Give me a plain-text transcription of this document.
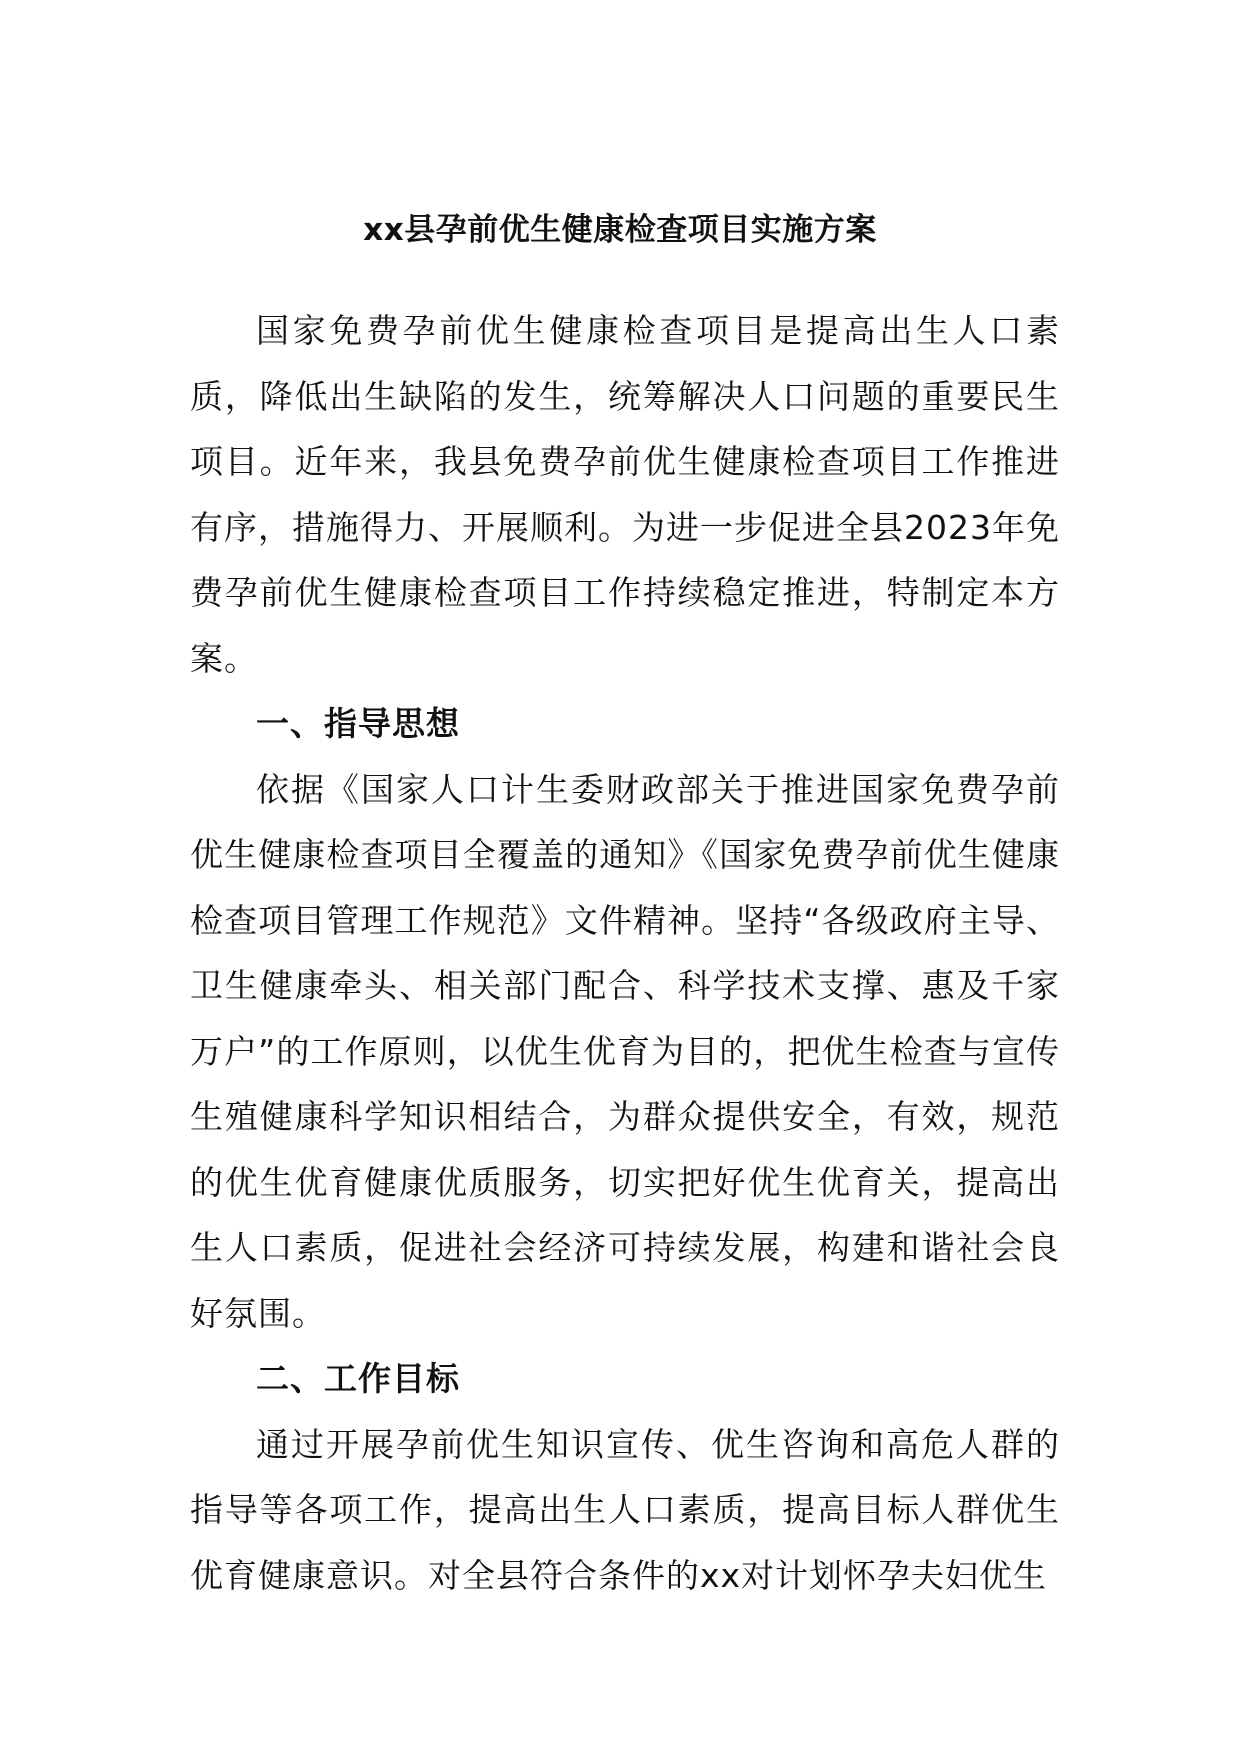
xx县孕前优生健康检查项目实施方案

国家免费孕前优生健康检查项目是提高出生人口素质，降低出生缺陷的发生，统筹解决人口问题的重要民生项目。近年来，我县免费孕前优生健康检查项目工作推进有序，措施得力、开展顺利。为进一步促进全县2023年免费孕前优生健康检查项目工作持续稳定推进，特制定本方案。

一、指导思想

依据《国家人口计生委财政部关于推进国家免费孕前优生健康检查项目全覆盖的通知》《国家免费孕前优生健康检查项目管理工作规范》文件精神。坚持“各级政府主导、卫生健康牵头、相关部门配合、科学技术支撑、惠及千家万户”的工作原则，以优生优育为目的，把优生检查与宣传生殖健康科学知识相结合，为群众提供安全，有效，规范的优生优育健康优质服务，切实把好优生优育关，提高出生人口素质，促进社会经济可持续发展，构建和谐社会良好氛围。

二、工作目标

通过开展孕前优生知识宣传、优生咨询和高危人群的指导等各项工作，提高出生人口素质，提高目标人群优生优育健康意识。对全县符合条件的xx对计划怀孕夫妇优生
